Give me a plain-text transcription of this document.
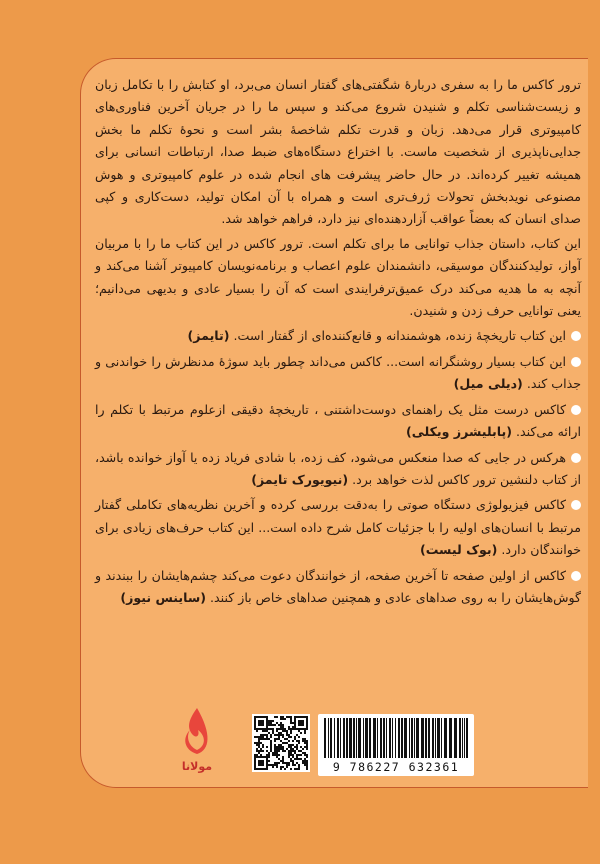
ترور کاکس ما را به سفری دربارهٔ شگفتی‌های گفتار انسان می‌برد، او کتابش را با تکامل زبان و زیست‌شناسی تکلم و شنیدن شروع می‌کند و سپس ما را در جریان آخرین فناوری‌های کامپیوتری قرار می‌دهد. زبان و قدرت تکلم شاخصهٔ بشر است و نحوهٔ تکلم ما بخش جدایی‌ناپذیری از شخصیت ماست. با اختراع دستگاه‌های ضبط صدا، ارتباطات انسانی برای همیشه تغییر کرده‌اند. در حال حاضر پیشرفت های انجام شده در علوم کامپیوتری و هوش مصنوعی نویدبخش تحولات ژرف‌تری است و همراه با آن امکان تولید، دست‌کاری و کپی صدای انسان که بعضاً عواقب آزاردهنده‌ای نیز دارد، فراهم خواهد شد.

این کتاب، داستان جذاب توانایی ما برای تکلم است. ترور کاکس در این کتاب ما را با مربیان آواز، تولیدکنندگان موسیقی، دانشمندان علوم اعصاب و برنامه‌نویسان کامپیوتر آشنا می‌کند و آنچه به ما هدیه می‌کند درک عمیق‌ترفرایندی است که آن را بسیار عادی و بدیهی می‌دانیم؛ یعنی توانایی حرف زدن و شنیدن.

این کتاب تاریخچهٔ زنده، هوشمندانه و قانع‌کننده‌ای از گفتار است. (تایمز)

این کتاب بسیار روشنگرانه است... کاکس می‌داند چطور باید سوژهٔ مدنظرش را خواندنی و جذاب کند. (دیلی میل)

کاکس درست مثل یک راهنمای دوست‌داشتنی ، تاریخچهٔ دقیقی ازعلوم مرتبط با تکلم را ارائه می‌کند. (پابلیشرز ویکلی)

هرکس در جایی که صدا منعکس می‌شود، کف زده، با شادی فریاد زده یا آواز خوانده باشد، از کتاب دلنشین ترور کاکس لذت خواهد برد. (نیویورک تایمز)

کاکس فیزیولوژی دستگاه صوتی را به‌دقت بررسی کرده و آخرین نظریه‌های تکاملی گفتار مرتبط با انسان‌های اولیه را با جزئیات کامل شرح داده است... این کتاب حرف‌های زیادی برای خوانندگان دارد. (بوک لیست)

کاکس از اولین صفحه تا آخرین صفحه، از خوانندگان دعوت می‌کند چشم‌هایشان را ببندند و گوش‌هایشان را به روی صداهای عادی و همچنین صداهای خاص باز کنند. (ساینس نیوز)

مولانا	9 786227 632361
